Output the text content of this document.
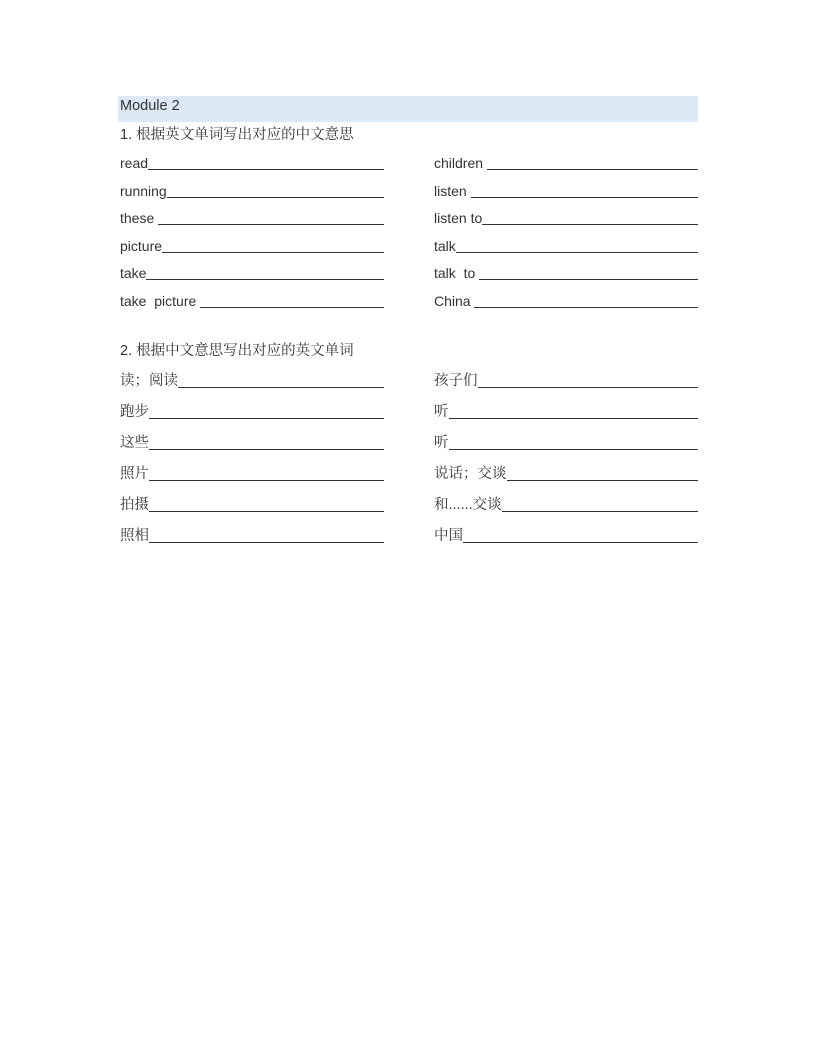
Module 2
1. 根据英文单词写出对应的中文意思
read	children
running	listen
these	listen to
picture	talk
take	talk  to
take  picture	China
2. 根据中文意思写出对应的英文单词
读；阅读	孩子们
跑步	听
这些	听
照片	说话；交谈
拍摄	和......交谈
照相	中国
